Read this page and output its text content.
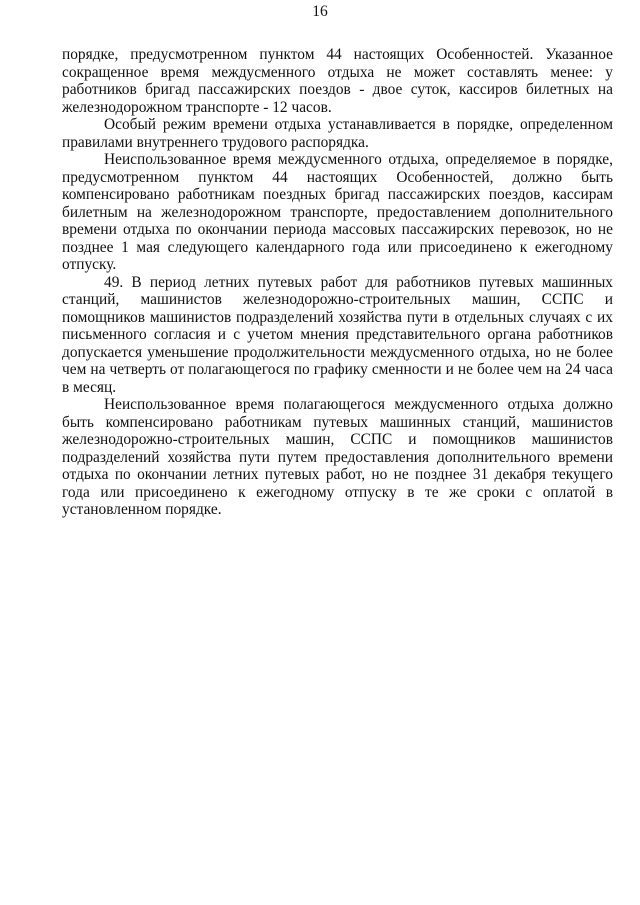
16

порядке, предусмотренном пунктом 44 настоящих Особенностей. Указанное сокращенное время междусменного отдыха не может составлять менее: у работников бригад пассажирских поездов - двое суток, кассиров билетных на железнодорожном транспорте - 12 часов.

Особый режим времени отдыха устанавливается в порядке, определенном правилами внутреннего трудового распорядка.

Неиспользованное время междусменного отдыха, определяемое в порядке, предусмотренном пунктом 44 настоящих Особенностей, должно быть компенсировано работникам поездных бригад пассажирских поездов, кассирам билетным на железнодорожном транспорте, предоставлением дополнительного времени отдыха по окончании периода массовых пассажирских перевозок, но не позднее 1 мая следующего календарного года или присоединено к ежегодному отпуску.

49. В период летних путевых работ для работников путевых машинных станций, машинистов железнодорожно-строительных машин, ССПС и помощников машинистов подразделений хозяйства пути в отдельных случаях с их письменного согласия и с учетом мнения представительного органа работников допускается уменьшение продолжительности междусменного отдыха, но не более чем на четверть от полагающегося по графику сменности и не более чем на 24 часа в месяц.

Неиспользованное время полагающегося междусменного отдыха должно быть компенсировано работникам путевых машинных станций, машинистов железнодорожно-строительных машин, ССПС и помощников машинистов подразделений хозяйства пути путем предоставления дополнительного времени отдыха по окончании летних путевых работ, но не позднее 31 декабря текущего года или присоединено к ежегодному отпуску в те же сроки с оплатой в установленном порядке.
